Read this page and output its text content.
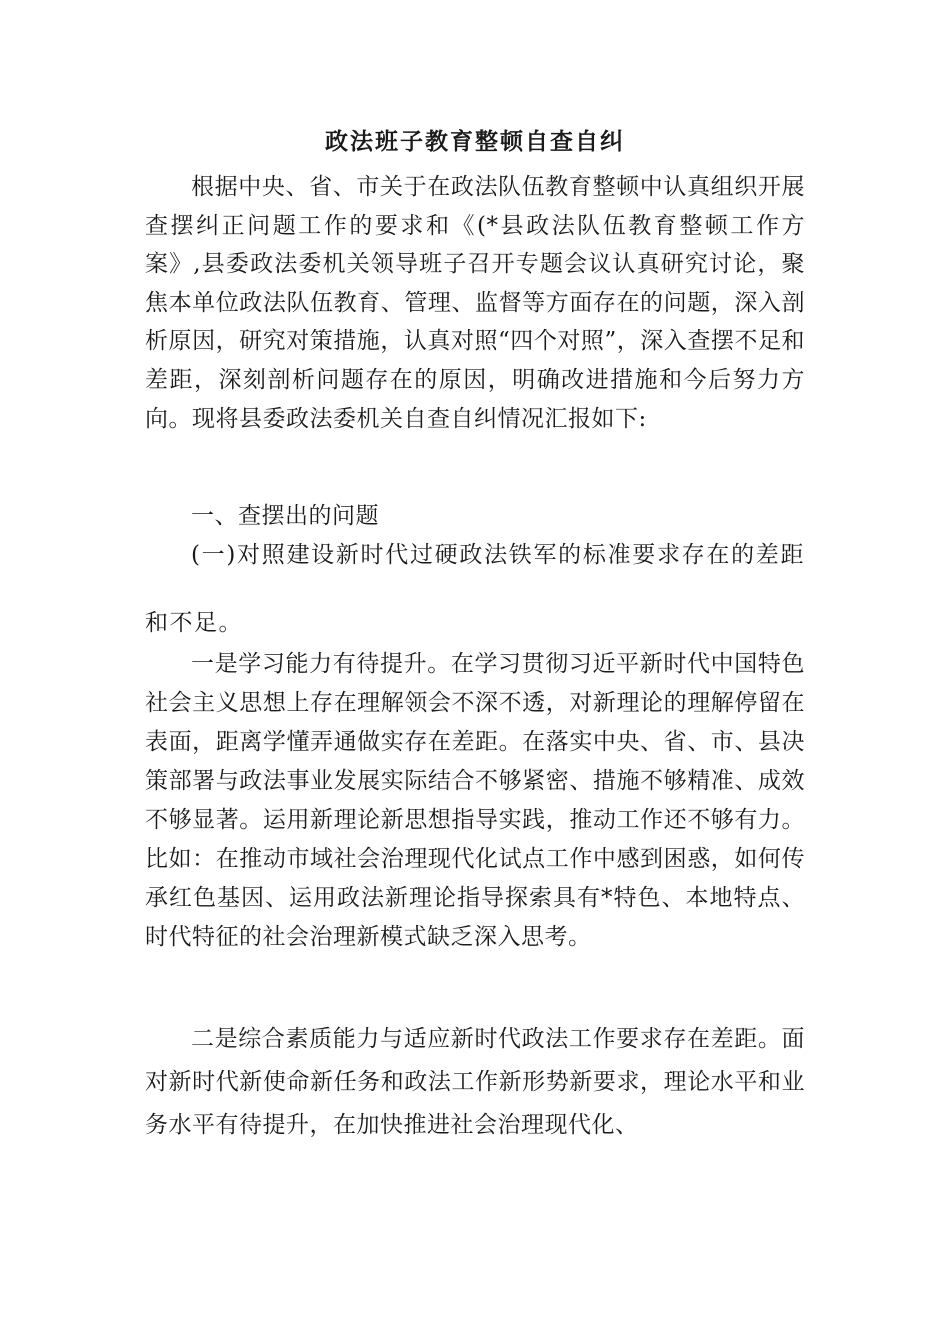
政法班子教育整顿自查自纠

根据中央、省、市关于在政法队伍教育整顿中认真组织开展查摆纠正问题工作的要求和《(*县政法队伍教育整顿工作方案》,县委政法委机关领导班子召开专题会议认真研究讨论，聚焦本单位政法队伍教育、管理、监督等方面存在的问题，深入剖析原因，研究对策措施，认真对照“四个对照”，深入查摆不足和差距，深刻剖析问题存在的原因，明确改进措施和今后努力方向。现将县委政法委机关自查自纠情况汇报如下:

一、查摆出的问题

(一)对照建设新时代过硬政法铁军的标准要求存在的差距和不足。

一是学习能力有待提升。在学习贯彻习近平新时代中国特色社会主义思想上存在理解领会不深不透，对新理论的理解停留在表面，距离学懂弄通做实存在差距。在落实中央、省、市、县决策部署与政法事业发展实际结合不够紧密、措施不够精准、成效不够显著。运用新理论新思想指导实践，推动工作还不够有力。比如：在推动市域社会治理现代化试点工作中感到困惑，如何传承红色基因、运用政法新理论指导探索具有*特色、本地特点、时代特征的社会治理新模式缺乏深入思考。

二是综合素质能力与适应新时代政法工作要求存在差距。面对新时代新使命新任务和政法工作新形势新要求，理论水平和业务水平有待提升，在加快推进社会治理现代化、
